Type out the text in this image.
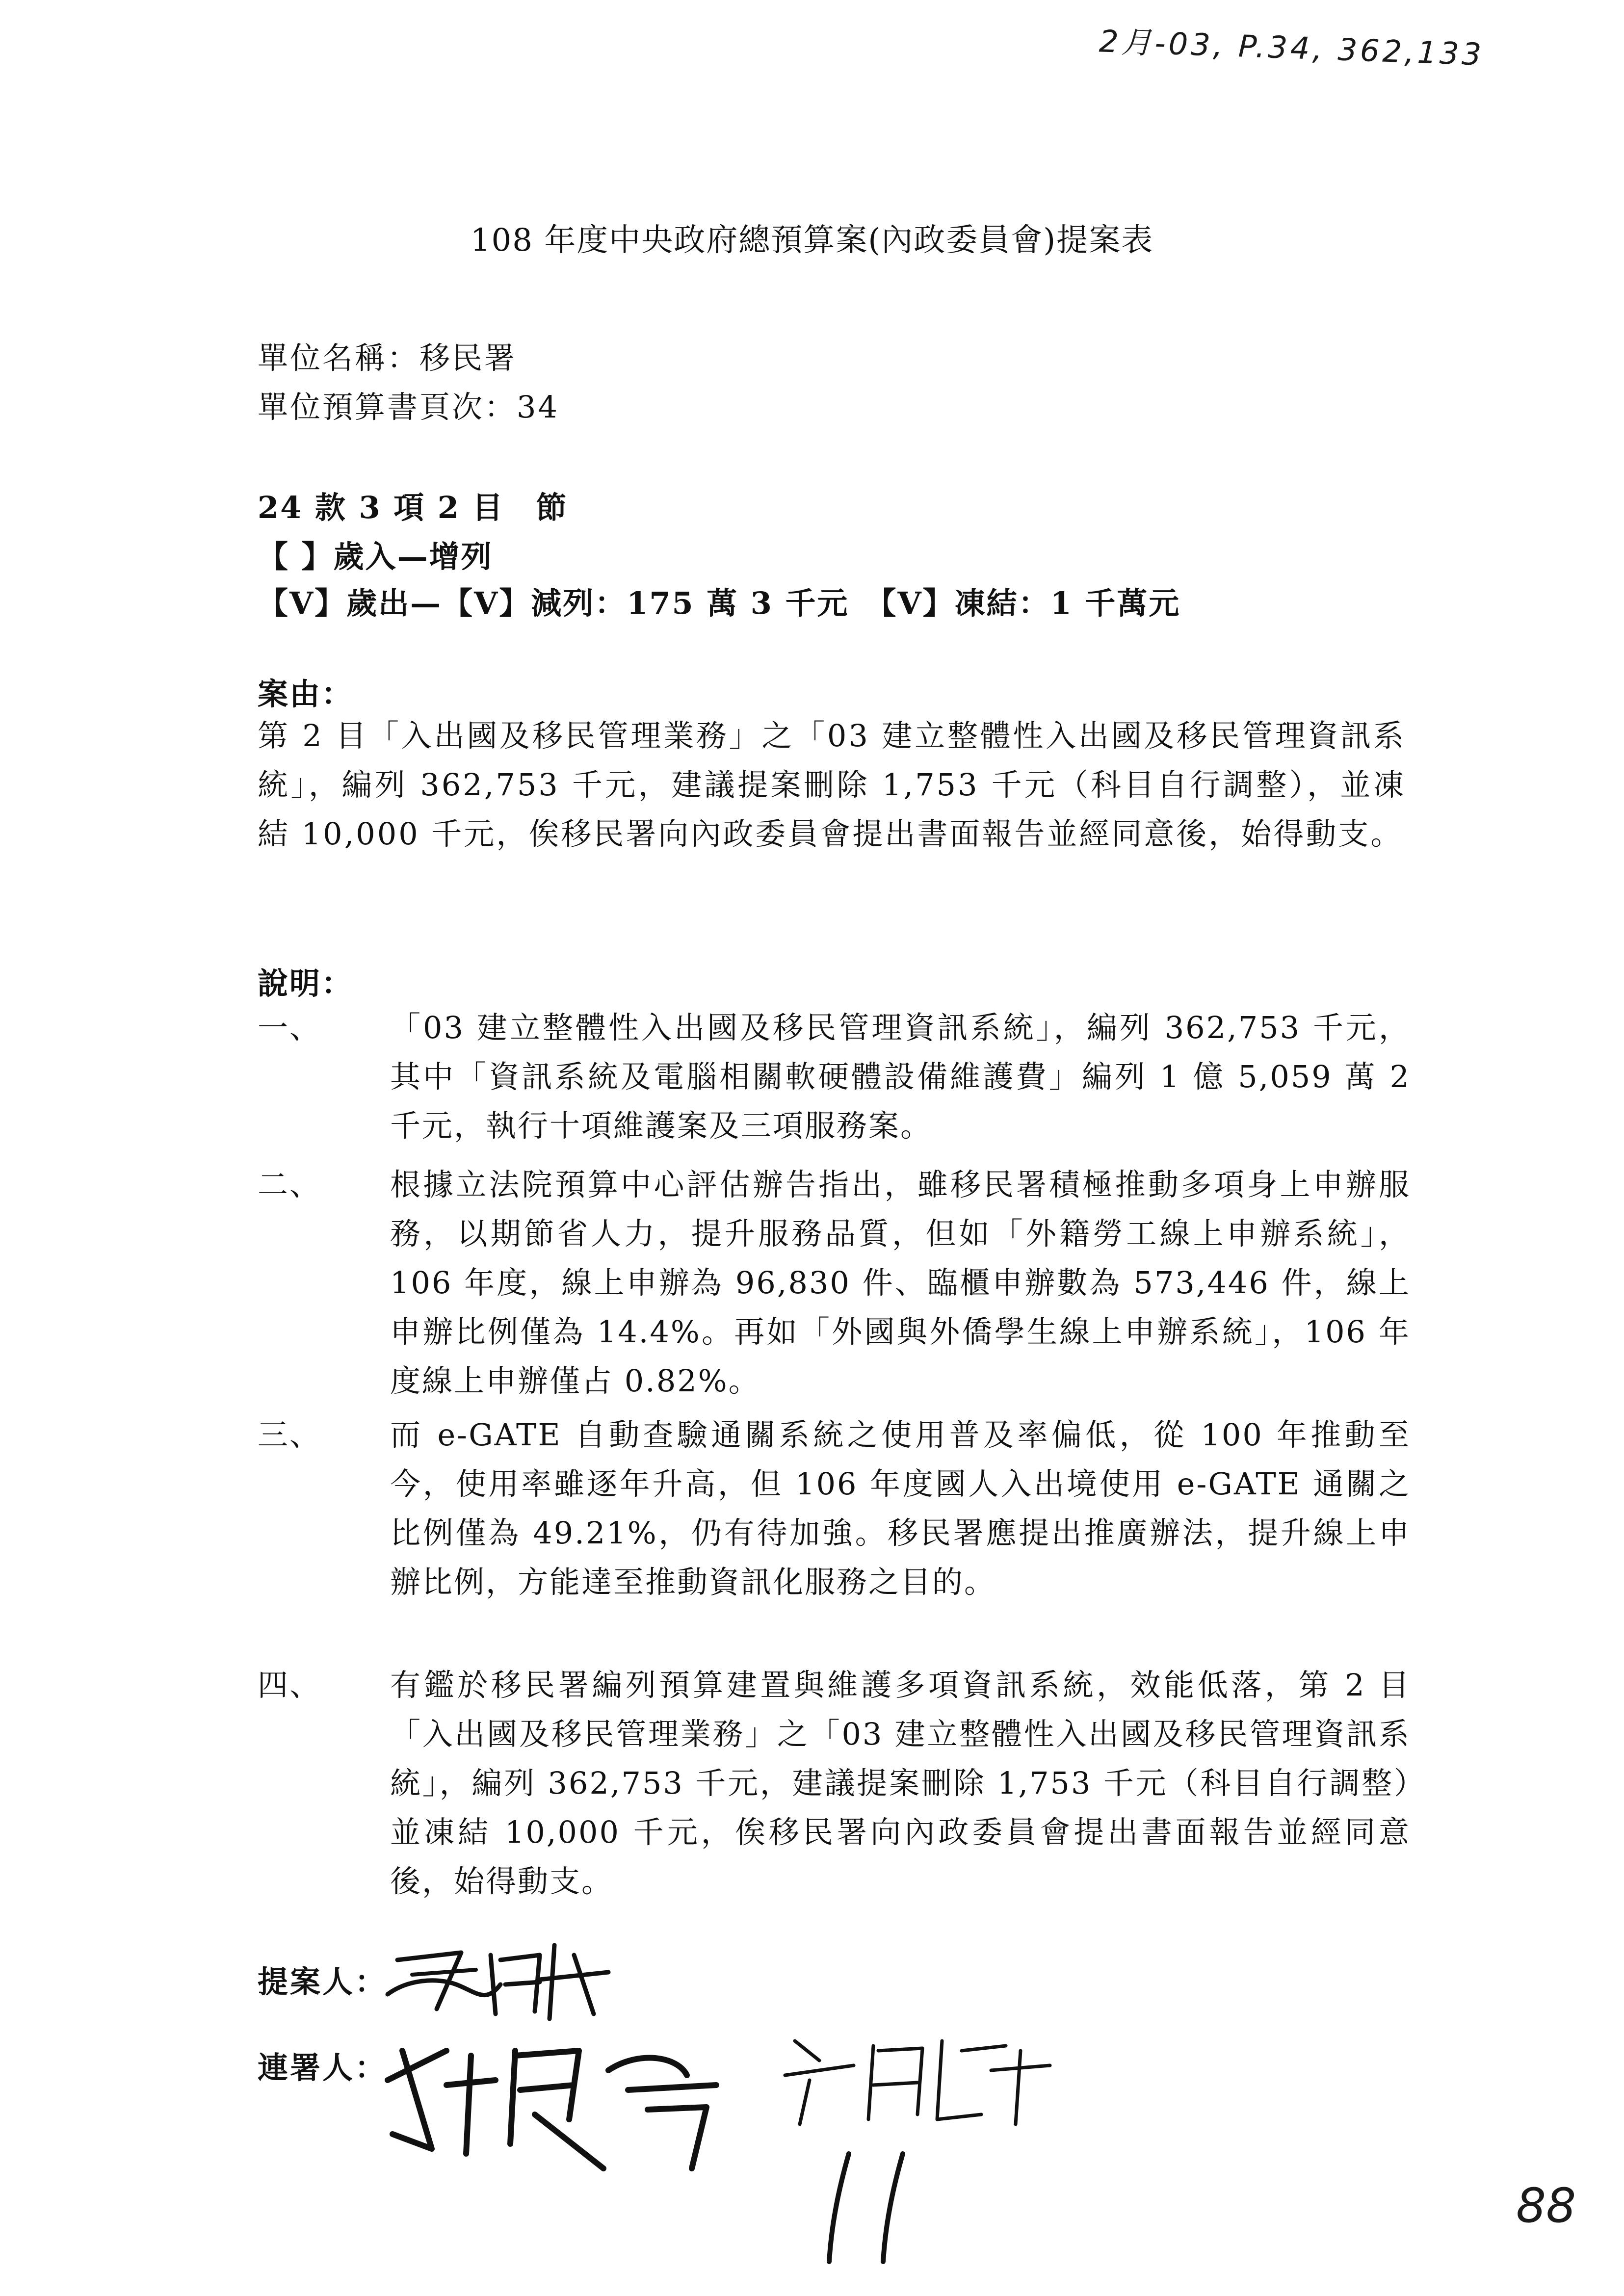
2月-03, P.34, 362,133
108 年度中央政府總預算案(內政委員會)提案表
單位名稱：移民署
單位預算書頁次：34
24 款 3 項 2 目　節
【 】歲入—增列
【V】歲出—【V】減列：175 萬 3 千元　【V】凍結：1 千萬元
案由：
第 2 目「入出國及移民管理業務」之「03 建立整體性入出國及移民管理資訊系統」，編列 362,753 千元，建議提案刪除 1,753 千元（科目自行調整），並凍結 10,000 千元，俟移民署向內政委員會提出書面報告並經同意後，始得動支。
說明：
一、	「03 建立整體性入出國及移民管理資訊系統」，編列 362,753 千元，其中「資訊系統及電腦相關軟硬體設備維護費」編列 1 億 5,059 萬 2 千元，執行十項維護案及三項服務案。
二、	根據立法院預算中心評估辦告指出，雖移民署積極推動多項身上申辦服務，以期節省人力，提升服務品質，但如「外籍勞工線上申辦系統」，106 年度，線上申辦為 96,830 件、臨櫃申辦數為 573,446 件，線上申辦比例僅為 14.4%。再如「外國與外僑學生線上申辦系統」，106 年度線上申辦僅占 0.82%。
三、	而 e-GATE 自動查驗通關系統之使用普及率偏低，從 100 年推動至今，使用率雖逐年升高，但 106 年度國人入出境使用 e-GATE 通關之比例僅為 49.21%，仍有待加強。移民署應提出推廣辦法，提升線上申辦比例，方能達至推動資訊化服務之目的。
四、	有鑑於移民署編列預算建置與維護多項資訊系統，效能低落，第 2 目「入出國及移民管理業務」之「03 建立整體性入出國及移民管理資訊系統」，編列 362,753 千元，建議提案刪除 1,753 千元（科目自行調整）並凍結 10,000 千元，俟移民署向內政委員會提出書面報告並經同意後，始得動支。
提案人：
連署人：
88
